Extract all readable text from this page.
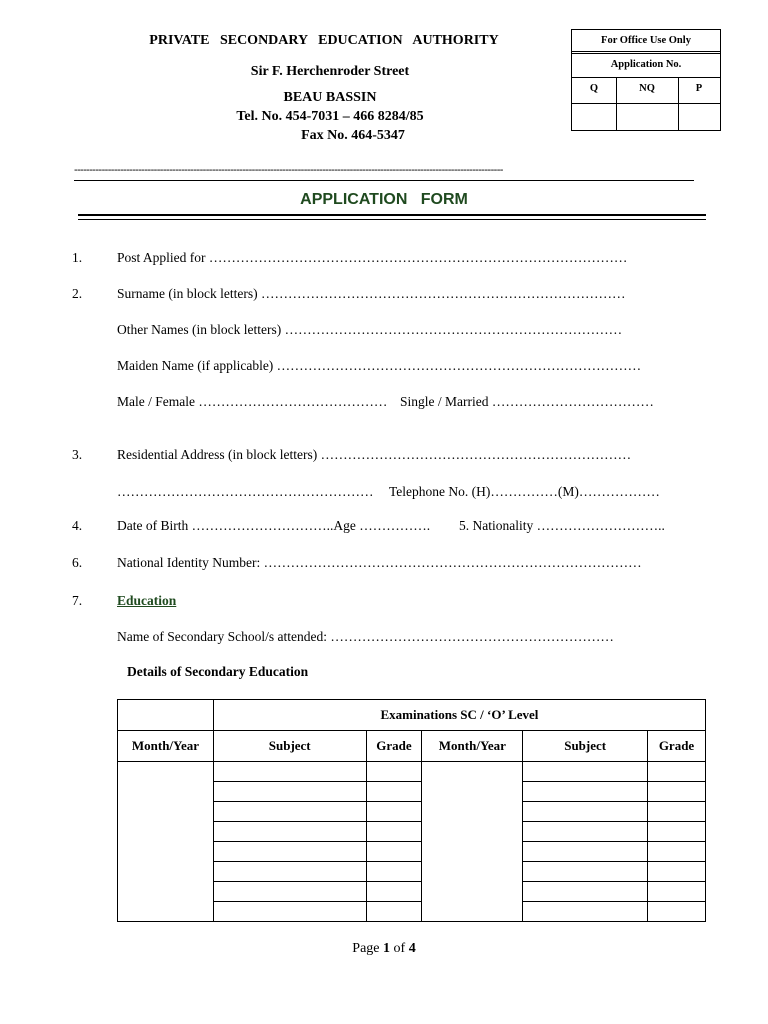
PRIVATE   SECONDARY   EDUCATION   AUTHORITY
Sir F. Herchenroder Street
BEAU BASSIN
Tel. No. 454-7031 – 466 8284/85
Fax No. 464-5347
For Office Use Only
Application No.
Q	NQ	P
--------------------------------------------------------------------------------------------------------------------------------------------
APPLICATION   FORM
1.	Post Applied for …………………………………………………………………………………
2.	Surname (in block letters) ………………………………………………………………………
Other Names (in block letters) …………………………………………………………………
Maiden Name (if applicable) ………………………………………………………………………
Male / Female …………………………………… Single / Married ………………………………
3.	Residential Address (in block letters) ……………………………………………………………
………………………………………………… Telephone No. (H)……………(M)………………
4.	Date of Birth …………………………..Age ……………. 5. Nationality ………………………..
6.	National Identity Number: …………………………………………………………………………
7.	Education
Name of Secondary School/s attended: ………………………………………………………
Details of Secondary Education
	Examinations SC / ‘O’ Level				
Month/Year	Subject	Grade	Month/Year	Subject	Grade

Page 1 of 4
